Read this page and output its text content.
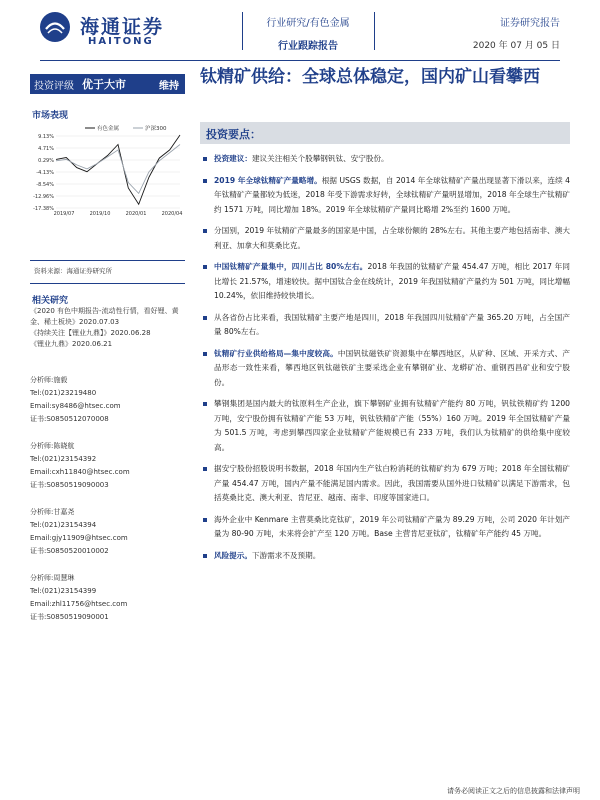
海通证券
HAITONG
行业研究/有色金属
行业跟踪报告
证券研究报告
2020 年 07 月 05 日
投资评级 优于大市	维持	钛精矿供给：全球总体稳定，国内矿山看攀西
市场表现
有色金属	沪深300
9.13%
4.71%
0.29%
-4.13%
-8.54%
-12.96%
-17.38%
2019/07	2019/10	2020/01	2020/04
资料来源：海通证券研究所
相关研究
《2020 有色中期报告-流动性行情，看好锂、黄金、稀土板块》2020.07.03
《持续关注【锂业九鼎】》2020.06.28
《锂业九鼎》2020.06.21
分析师:施毅
Tel:(021)23219480
Email:sy8486@htsec.com
证书:S0850512070008
分析师:陈晓航
Tel:(021)23154392
Email:cxh11840@htsec.com
证书:S0850519090003
分析师:甘嘉尧
Tel:(021)23154394
Email:gjy11909@htsec.com
证书:S0850520010002
分析师:周慧琳
Tel:(021)23154399
Email:zhl11756@htsec.com
证书:S0850519090001
投资要点：
投资建议：建议关注相关个股攀钢钒钛、安宁股份。
2019 年全球钛精矿产量略增。根据 USGS 数据，自 2014 年全球钛精矿产量出现显著下滑以来，连续 4 年钛精矿产量都较为低迷，2018 年受下游需求好转，全球钛精矿产量明显增加，2018 年全球生产钛精矿约 1571 万吨，同比增加 18%。2019 年全球钛精矿产量同比略增 2%至约 1600 万吨。
分国别，2019 年钛精矿产量最多的国家是中国，占全球份额的 28%左右。其他主要产地包括南非、澳大利亚、加拿大和莫桑比克。
中国钛精矿产量集中，四川占比 80%左右。2018 年我国的钛精矿产量 454.47 万吨，相比 2017 年同比增长 21.57%，增速较快。据中国钛合金在线统计，2019 年我国钛精矿产量约为 501 万吨，同比增幅 10.24%，依旧维持较快增长。
从各省份占比来看，我国钛精矿主要产地是四川，2018 年我国四川钛精矿产量 365.20 万吨，占全国产量 80%左右。
钛精矿行业供给格局—集中度较高。中国钒钛磁铁矿资源集中在攀西地区，从矿种、区域、开采方式、产品形态一致性来看，攀西地区钒钛磁铁矿主要采选企业有攀钢矿业、龙蟒矿冶、重钢西昌矿业和安宁股份。
攀钢集团是国内最大的钛原料生产企业，旗下攀钢矿业拥有钛精矿产能约 80 万吨，钒钛铁精矿约 1200 万吨，安宁股份拥有钛精矿产能 53 万吨，钒钛铁精矿产能（55%）160 万吨。2019 年全国钛精矿产量为 501.5 万吨，考虑到攀西四家企业钛精矿产能规模已有 233 万吨，我们认为钛精矿的供给集中度较高。
据安宁股份招股说明书数据，2018 年国内生产钛白粉消耗的钛精矿约为 679 万吨；2018 年全国钛精矿产量 454.47 万吨，国内产量不能满足国内需求。因此，我国需要从国外进口钛精矿以满足下游需求，包括莫桑比克、澳大利亚、肯尼亚、越南、南非、印度等国家进口。
海外企业中 Kenmare 主营莫桑比克钛矿，2019 年公司钛精矿产量为 89.29 万吨，公司 2020 年计划产量为 80-90 万吨，未来将会扩产至 120 万吨。Base 主营肯尼亚钛矿，钛精矿年产能约 45 万吨。
风险提示。下游需求不及预期。
请务必阅读正文之后的信息披露和法律声明
